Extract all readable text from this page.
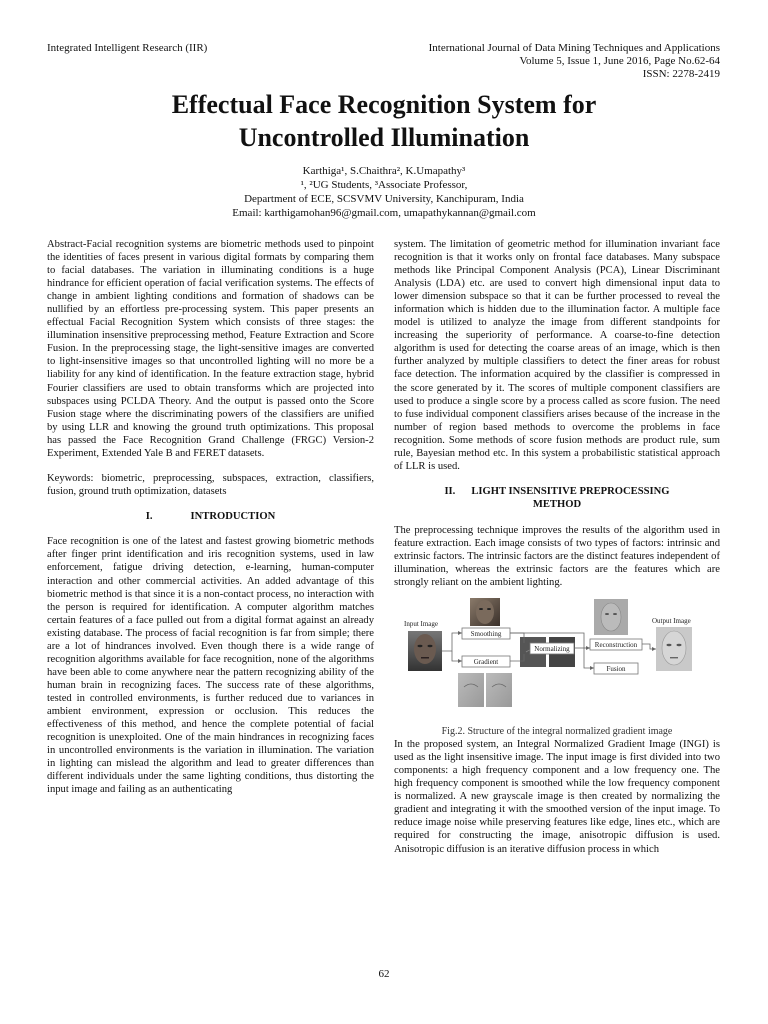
Integrated Intelligent Research (IIR)	International Journal of Data Mining Techniques and Applications
Volume 5, Issue 1, June 2016, Page No.62-64
ISSN: 2278-2419
Effectual Face Recognition System for
Uncontrolled Illumination
Karthiga¹, S.Chaithra², K.Umapathy³
¹, ²UG Students, ³Associate Professor,
Department of ECE, SCSVMV University, Kanchipuram, India
Email: karthigamohan96@gmail.com, umapathykannan@gmail.com

Abstract-Facial recognition systems are biometric methods used to pinpoint the identities of faces present in various digital formats by comparing them to facial databases. The variation in illuminating conditions is a huge hindrance for efficient operation of facial verification systems. The effects of change in ambient lighting conditions and formation of shadows can be nullified by an effortless pre-processing system. This paper presents an effectual Facial Recognition System which consists of three stages: the illumination insensitive preprocessing method, Feature Extraction and Score Fusion. In the preprocessing stage, the light-sensitive images are converted to light-insensitive images so that uncontrolled lighting will no more be a liability for any kind of identification. In the feature extraction stage, hybrid Fourier classifiers are used to obtain transforms which are projected into subspaces using PCLDA Theory. And the output is passed onto the Score Fusion stage where the discriminating powers of the classifiers are unified by using LLR and knowing the ground truth optimizations. This proposal has passed the Face Recognition Grand Challenge (FRGC) Version-2 Experiment, Extended Yale B and FERET datasets.

Keywords: biometric, preprocessing, subspaces, extraction, classifiers, fusion, ground truth optimization, datasets

I.	INTRODUCTION

Face recognition is one of the latest and fastest growing biometric methods after finger print identification and iris recognition systems, used in law enforcement, fatigue driving detection, e-learning, human-computer interaction and other commercial activities. An added advantage of this biometric method is that since it is a non-contact process, no interaction with the person is required for identification. A computer algorithm matches certain features of a face pulled out from a digital format against an already existing database. The process of facial recognition is far from simple; there are a lot of hindrances involved. Even though there is a wide range of recognition algorithms available for face recognition, none of the algorithms have been able to come anywhere near the pattern recognizing ability of the human brain in recognizing faces. The success rate of these algorithms, tested in controlled environments, is further reduced due to variances in ambient environment, expression or occlusion. This reduces the effectiveness of this method, and hence the complete potential of facial recognition is unexploited. One of the main hindrances in recognizing faces in uncontrolled environments is the variation in illumination. The variation in lighting can mislead the algorithm and lead to greater differences than different individuals under the same lighting conditions, thus distorting the input image and failing as an authenticating

system. The limitation of geometric method for illumination invariant face recognition is that it works only on frontal face databases. Many subspace methods like Principal Component Analysis (PCA), Linear Discriminant Analysis (LDA) etc. are used to convert high dimensional input data to lower dimension subspace so that it can be further processed to reveal the information which is hidden due to the illumination factor. A multiple face model is utilized to analyze the image from different standpoints for increasing the superiority of performance. A coarse-to-fine detection algorithm is used for detecting the coarse areas of an image, which is then further analyzed by multiple classifiers to detect the finer areas for robust face detection. The information acquired by the classifier is compressed in the score generated by it. The scores of multiple component classifiers are used to produce a single score by a process called as score fusion. The need to fuse individual component classifiers arises because of the increase in the number of region based methods to overcome the problems in face recognition. Some methods of score fusion methods are product rule, sum rule, Bayesian method etc. In this system a probabilistic statistical approach of LLR is used.

II. LIGHT INSENSITIVE PREPROCESSING
METHOD

The preprocessing technique improves the results of the algorithm used in feature extraction. Each image consists of two types of factors: intrinsic and extrinsic factors. The intrinsic factors are the distinct features independent of illumination, whereas the extrinsic factors are the features which are strongly reliant on the ambient lighting.

Input Image
Smoothing
Gradient
Normalizing	Reconstruction
Fusion
Output Image

Fig.2. Structure of the integral normalized gradient image

In the proposed system, an Integral Normalized Gradient Image (INGI) is used as the light insensitive image. The input image is first divided into two components: a high frequency component and a low frequency one. The high frequency component is smoothed while the low frequency component is normalized. A new grayscale image is then created by normalizing the gradient and integrating it with the smoothed version of the input image. To reduce image noise while preserving features like edge, lines etc., which are required for constructing the image, anisotropic diffusion is used. Anisotropic diffusion is an iterative diffusion process in which

62
